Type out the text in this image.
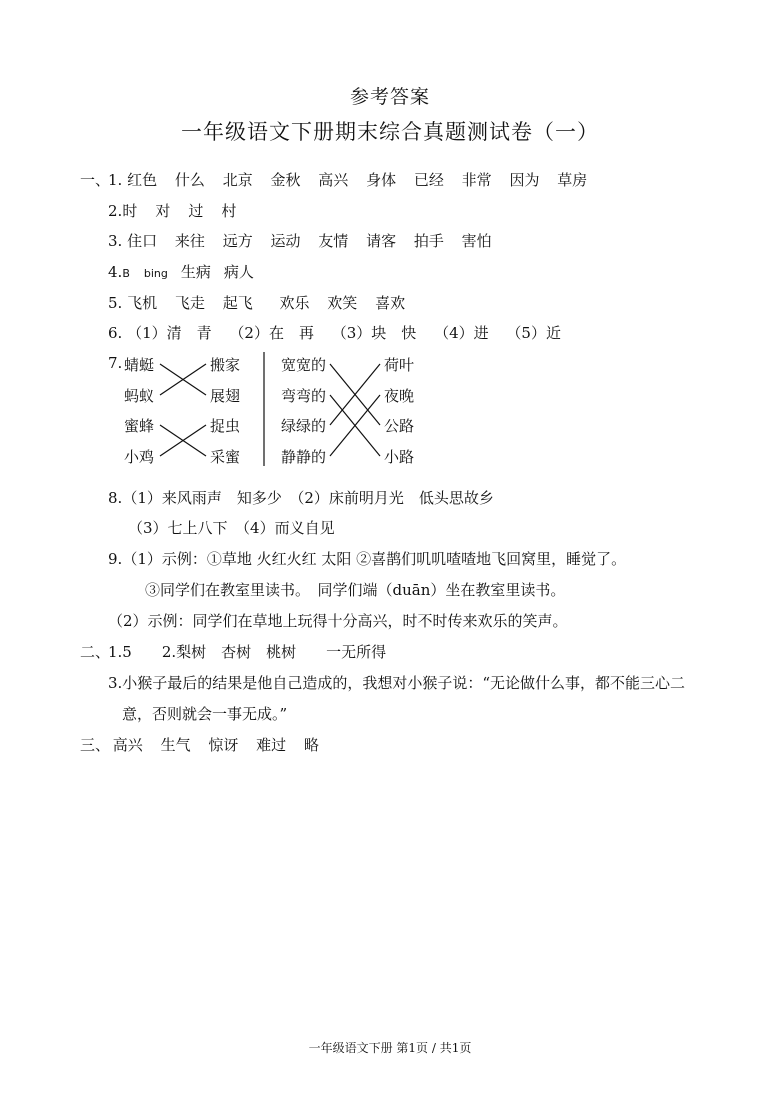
参考答案
一年级语文下册期末综合真题测试卷（一）
一、1. 红色 什么 北京 金秋 高兴 身体 已经 非常 因为 草房
2.时 对 过 村
3. 住口 来往 远方 运动 友情 请客 拍手 害怕
4.B bing 生病 病人
5. 飞机 飞走 起飞 欢乐 欢笑 喜欢
6. （1）清　青 （2）在　再 （3）块　快 （4）进 （5）近
7. 蜻蜓
蚂蚁
蜜蜂
小鸡
搬家
展翅
捉虫
采蜜
宽宽的
弯弯的
绿绿的
静静的
荷叶
夜晚
公路
小路
8.（1）来风雨声　知多少　（2）床前明月光　低头思故乡
（3）七上八下　（4）而义自见
9.（1）示例：①草地 火红火红 太阳 ②喜鹊们叽叽喳喳地飞回窝里，睡觉了。
③同学们在教室里读书。　同学们端（duān）坐在教室里读书。
（2）示例：同学们在草地上玩得十分高兴，时不时传来欢乐的笑声。
二、1.5　　2.梨树　杏树　桃树　　一无所得
3.小猴子最后的结果是他自己造成的，我想对小猴子说：“无论做什么事，都不能三心二
意，否则就会一事无成。”
三、 高兴 生气 惊讶 难过 略
一年级语文下册 第1页 / 共1页
